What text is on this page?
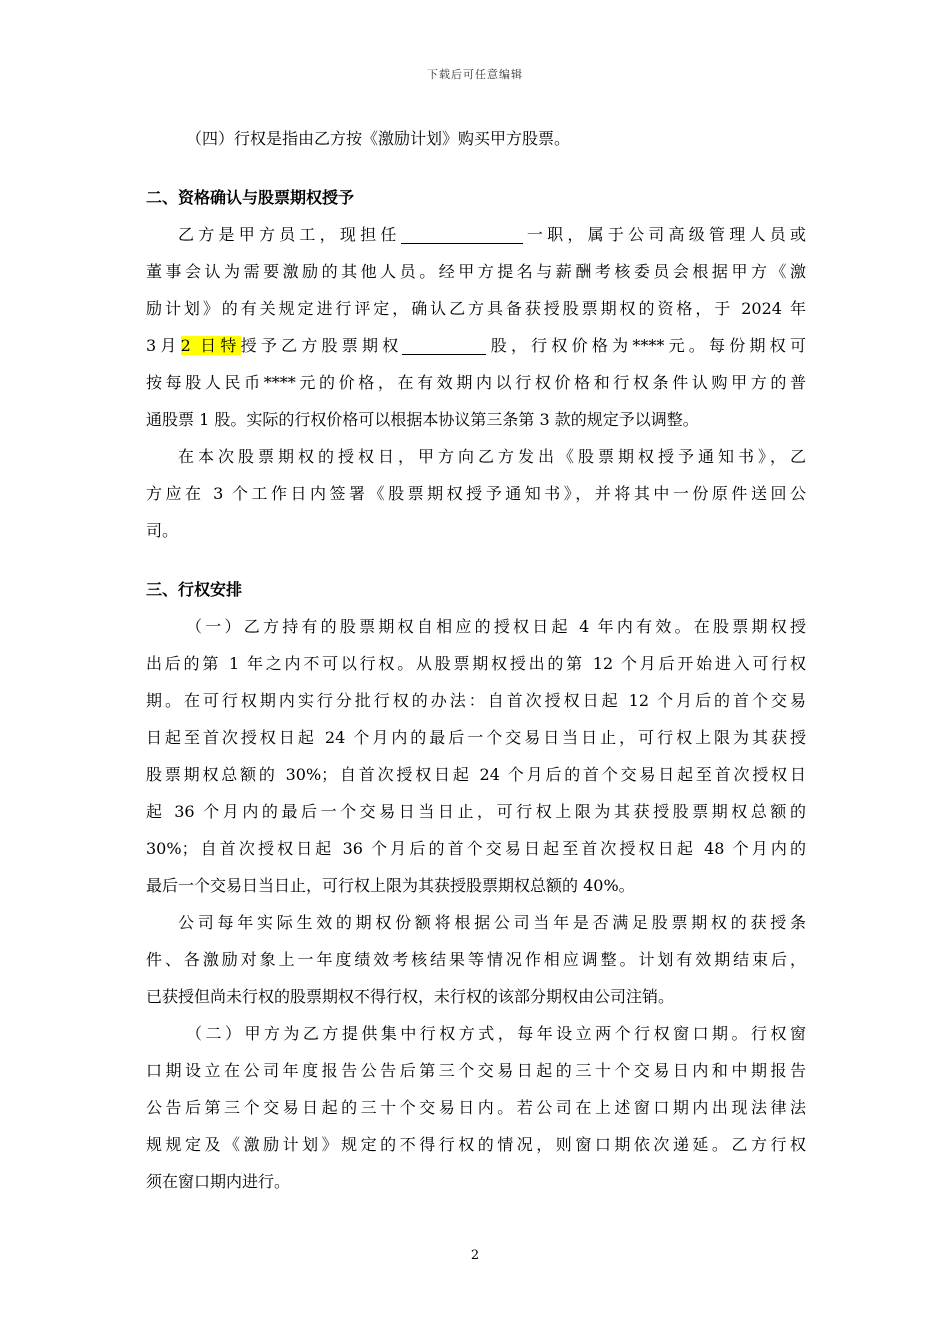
下载后可任意编辑
（四）行权是指由乙方按《激励计划》购买甲方股票。
二、资格确认与股票期权授予
乙方是甲方员工，现担任	一职，属于公司高级管理人员或
董事会认为需要激励的其他人员。经甲方提名与薪酬考核委员会根据甲方《激
励计划》的有关规定进行评定，确认乙方具备获授股票期权的资格，于 2024 年
3月2 日特授予乙方股票期权	股，行权价格为****元。每份期权可
按每股人民币****元的价格，在有效期内以行权价格和行权条件认购甲方的普
通股票 1 股。实际的行权价格可以根据本协议第三条第 3 款的规定予以调整。
在本次股票期权的授权日，甲方向乙方发出《股票期权授予通知书》，乙
方应在 3 个工作日内签署《股票期权授予通知书》，并将其中一份原件送回公
司。
三、行权安排
（一）乙方持有的股票期权自相应的授权日起 4 年内有效。在股票期权授
出后的第 1 年之内不可以行权。从股票期权授出的第 12 个月后开始进入可行权
期。在可行权期内实行分批行权的办法：自首次授权日起 12 个月后的首个交易
日起至首次授权日起 24 个月内的最后一个交易日当日止，可行权上限为其获授
股票期权总额的 30%；自首次授权日起 24 个月后的首个交易日起至首次授权日
起 36 个月内的最后一个交易日当日止，可行权上限为其获授股票期权总额的
30%；自首次授权日起 36 个月后的首个交易日起至首次授权日起 48 个月内的
最后一个交易日当日止，可行权上限为其获授股票期权总额的 40%。
公司每年实际生效的期权份额将根据公司当年是否满足股票期权的获授条
件、各激励对象上一年度绩效考核结果等情况作相应调整。计划有效期结束后，
已获授但尚未行权的股票期权不得行权，未行权的该部分期权由公司注销。
（二）甲方为乙方提供集中行权方式，每年设立两个行权窗口期。行权窗
口期设立在公司年度报告公告后第三个交易日起的三十个交易日内和中期报告
公告后第三个交易日起的三十个交易日内。若公司在上述窗口期内出现法律法
规规定及《激励计划》规定的不得行权的情况，则窗口期依次递延。乙方行权
须在窗口期内进行。
2
